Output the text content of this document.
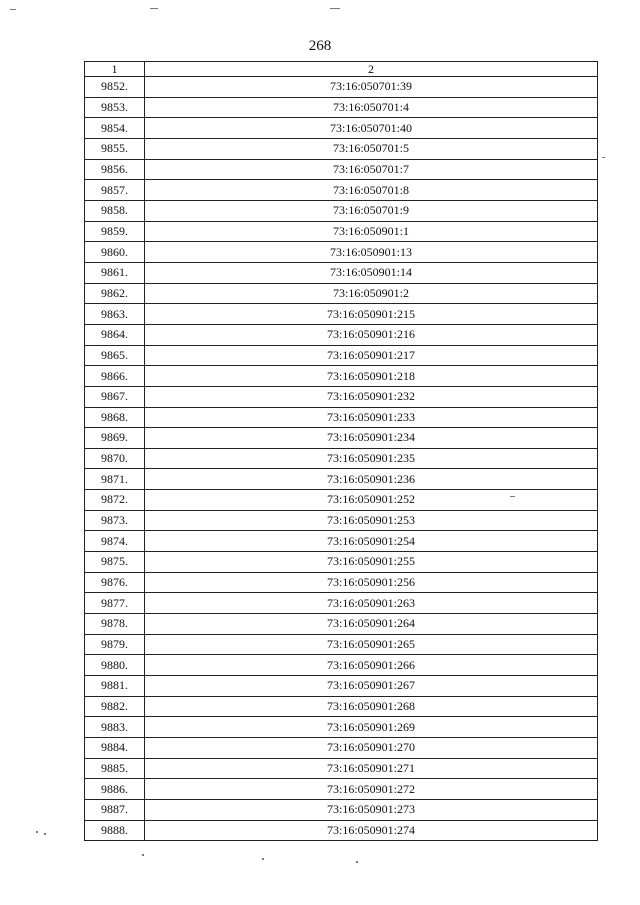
268
1	2
9852.	73:16:050701:39
9853.	73:16:050701:4
9854.	73:16:050701:40
9855.	73:16:050701:5
9856.	73:16:050701:7
9857.	73:16:050701:8
9858.	73:16:050701:9
9859.	73:16:050901:1
9860.	73:16:050901:13
9861.	73:16:050901:14
9862.	73:16:050901:2
9863.	73:16:050901:215
9864.	73:16:050901:216
9865.	73:16:050901:217
9866.	73:16:050901:218
9867.	73:16:050901:232
9868.	73:16:050901:233
9869.	73:16:050901:234
9870.	73:16:050901:235
9871.	73:16:050901:236
9872.	73:16:050901:252
9873.	73:16:050901:253
9874.	73:16:050901:254
9875.	73:16:050901:255
9876.	73:16:050901:256
9877.	73:16:050901:263
9878.	73:16:050901:264
9879.	73:16:050901:265
9880.	73:16:050901:266
9881.	73:16:050901:267
9882.	73:16:050901:268
9883.	73:16:050901:269
9884.	73:16:050901:270
9885.	73:16:050901:271
9886.	73:16:050901:272
9887.	73:16:050901:273
9888.	73:16:050901:274
